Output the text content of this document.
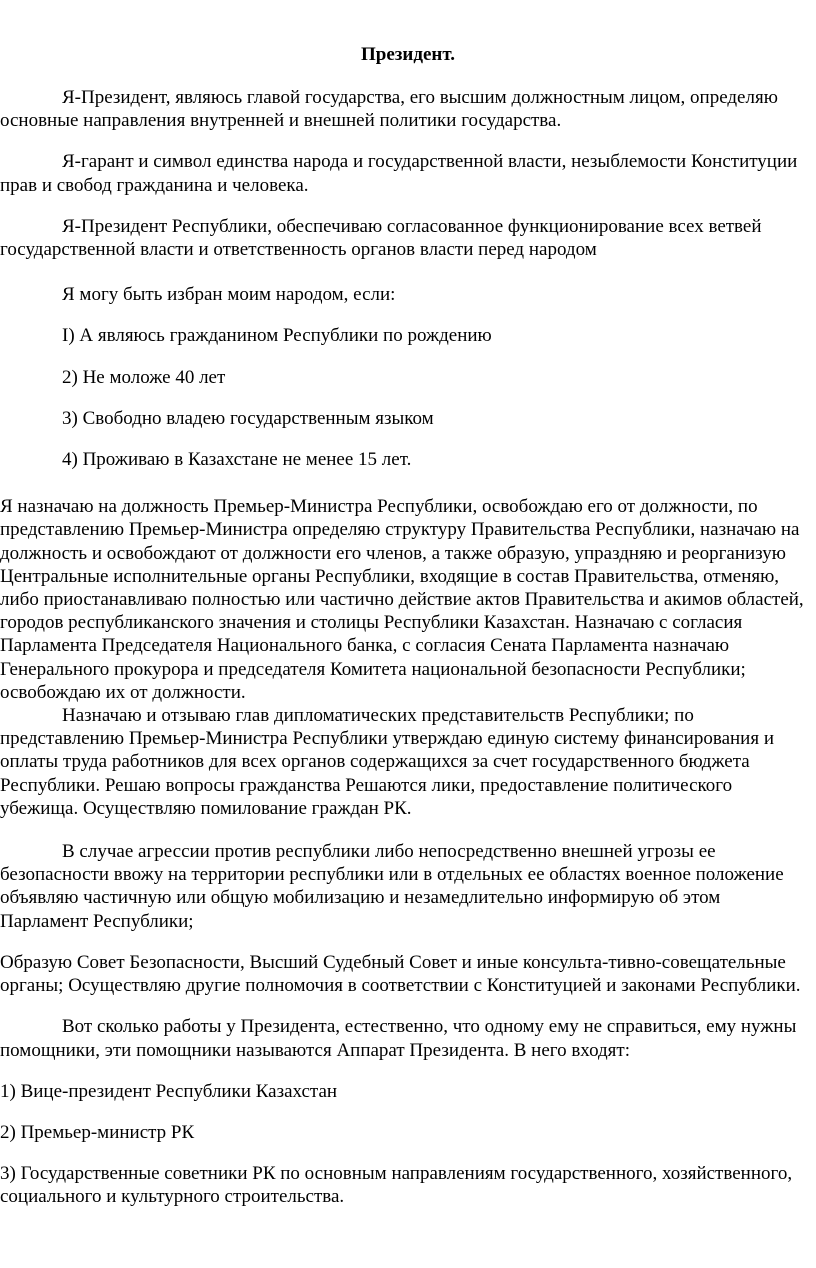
Президент.

Я-Президент, являюсь главой государства, его высшим должностным лицом, определяю основные направления внутренней и внешней политики государства.

Я-гарант и символ единства народа и государственной власти, незыблемости Конституции прав и свобод гражданина и человека.

Я-Президент Республики, обеспечиваю согласованное функционирование всех ветвей государственной власти и ответственность органов власти перед народом

Я могу быть избран моим народом, если:

I) А являюсь гражданином Республики по рождению

2) Не моложе 40 лет

3) Свободно владею государственным языком

4) Проживаю в Казахстане не менее 15 лет.

Я назначаю на должность Премьер-Министра Республики, освобождаю его от должности, по представлению Премьер-Министра определяю структуру Правительства Республики, назначаю на должность и освобождают от должности его членов, а также образую, упраздняю и реорганизую Центральные исполнительные органы Республики, входящие в состав Правительства, отменяю, либо приостанавливаю полностью или частично действие актов Правительства и акимов областей, городов республиканского значения и столицы Республики Казахстан. Назначаю с согласия Парламента Председателя Национального банка, с согласия Сената Парламента назначаю Генерального прокурора и председателя Комитета национальной безопасности Республики; освобождаю их от должности.

Назначаю и отзываю глав дипломатических представительств Республики; по представлению Премьер-Министра Республики утверждаю единую систему финансирования и оплаты труда работников для всех органов содержащихся за счет государственного бюджета Республики. Решаю вопросы гражданства Решаются лики, предоставление политического убежища. Осуществляю помилование граждан РК.

В случае агрессии против республики либо непосредственно внешней угрозы ее безопасности ввожу на территории республики или в отдельных ее областях военное положение объявляю частичную или общую мобилизацию и незамедлительно информирую об этом Парламент Республики;

Образую Совет Безопасности, Высший Судебный Совет и иные консульта-тивно-совещательные органы; Осуществляю другие полномочия в соответствии с Конституцией и законами Республики.

Вот сколько работы у Президента, естественно, что одному ему не справиться, ему нужны помощники, эти помощники называются Аппарат Президента. В него входят:

1) Вице-президент Республики Казахстан

2) Премьер-министр РК

3) Государственные советники РК по основным направлениям государственного, хозяйственного, социального и культурного строительства.
